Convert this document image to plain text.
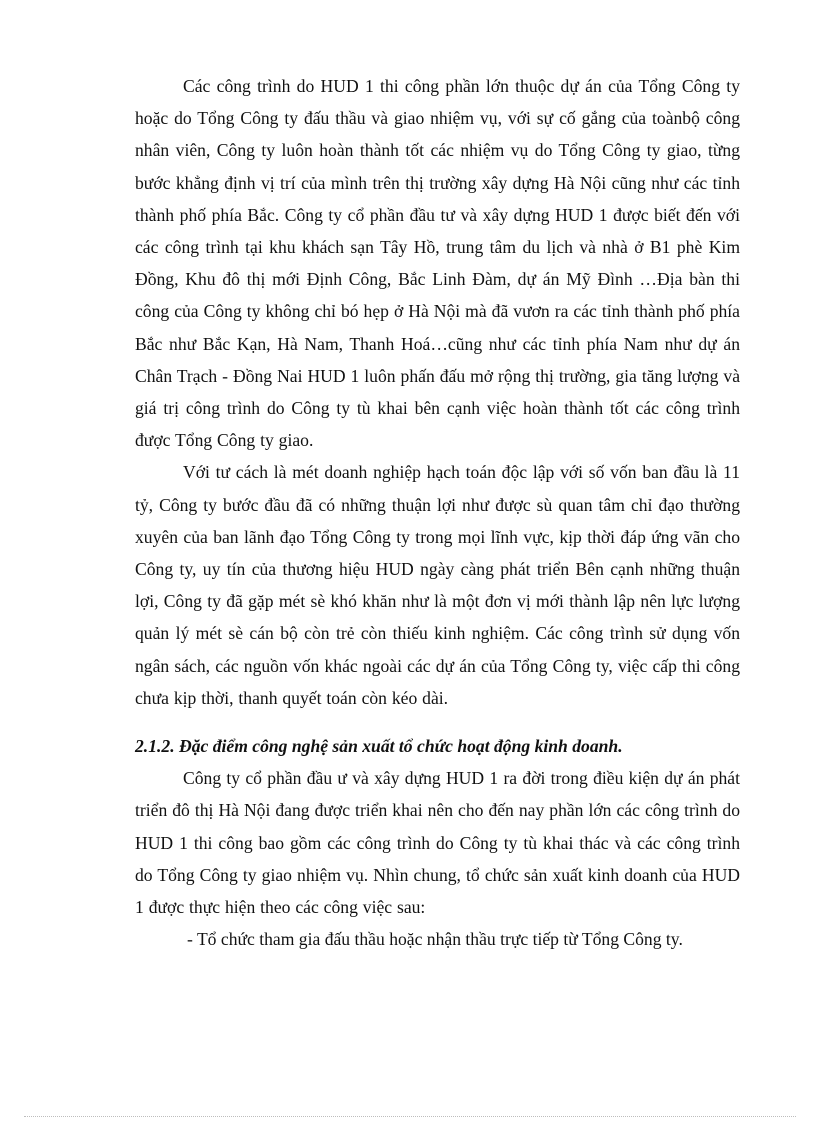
Các công trình do HUD 1 thi công phần lớn thuộc dự án của Tổng Công ty hoặc do Tổng Công ty đấu thầu và giao nhiệm vụ, với sự cố gắng của toànbộ công nhân viên, Công ty luôn hoàn thành tốt các nhiệm vụ do Tổng Công ty giao, từng bước khẳng định vị trí của mình trên thị trường xây dựng Hà Nội cũng như các tỉnh thành phố phía Bắc. Công ty cổ phần đầu tư và xây dựng HUD 1 được biết đến với các công trình tại khu khách sạn Tây Hồ, trung tâm du lịch và nhà ở B1 phè Kim Đồng, Khu đô thị mới Định Công, Bắc Linh Đàm, dự án Mỹ Đình …Địa bàn thi công của Công ty không chỉ bó hẹp ở Hà Nội mà đã vươn ra các tỉnh thành phố phía Bắc như Bắc Kạn, Hà Nam, Thanh Hoá…cũng như các tỉnh phía Nam như dự án Chân Trạch - Đồng Nai HUD 1 luôn phấn đấu mở rộng thị trường, gia tăng lượng và giá trị công trình do Công ty tù khai bên cạnh việc hoàn thành tốt các công trình được Tổng Công ty giao.

Với tư cách là mét doanh nghiệp hạch toán độc lập với số vốn ban đầu là 11 tỷ, Công ty bước đầu đã có những thuận lợi như được sù quan tâm chỉ đạo thường xuyên của ban lãnh đạo Tổng Công ty trong mọi lĩnh vực, kịp thời đáp ứng vãn cho Công ty, uy tín của thương hiệu HUD ngày càng phát triển Bên cạnh những thuận lợi, Công ty đã gặp mét sè khó khăn như là một đơn vị mới thành lập nên lực lượng quản lý mét sè cán bộ còn trẻ còn thiếu kinh nghiệm. Các công trình sử dụng vốn ngân sách, các nguồn vốn khác ngoài các dự án của Tổng Công ty, việc cấp thi công chưa kịp thời, thanh quyết toán còn kéo dài.

2.1.2. Đặc điểm công nghệ sản xuất tổ chức hoạt động kinh doanh.

Công ty cổ phần đầu ư và xây dựng HUD 1 ra đời trong điều kiện dự án phát triển đô thị Hà Nội đang được triển khai nên cho đến nay phần lớn các công trình do HUD 1 thi công bao gồm các công trình do Công ty tù khai thác và các công trình do Tổng Công ty giao nhiệm vụ. Nhìn chung, tổ chức sản xuất kinh doanh của HUD 1 được thực hiện theo các công việc sau:

- Tổ chức tham gia đấu thầu hoặc nhận thầu trực tiếp từ Tổng Công ty.
